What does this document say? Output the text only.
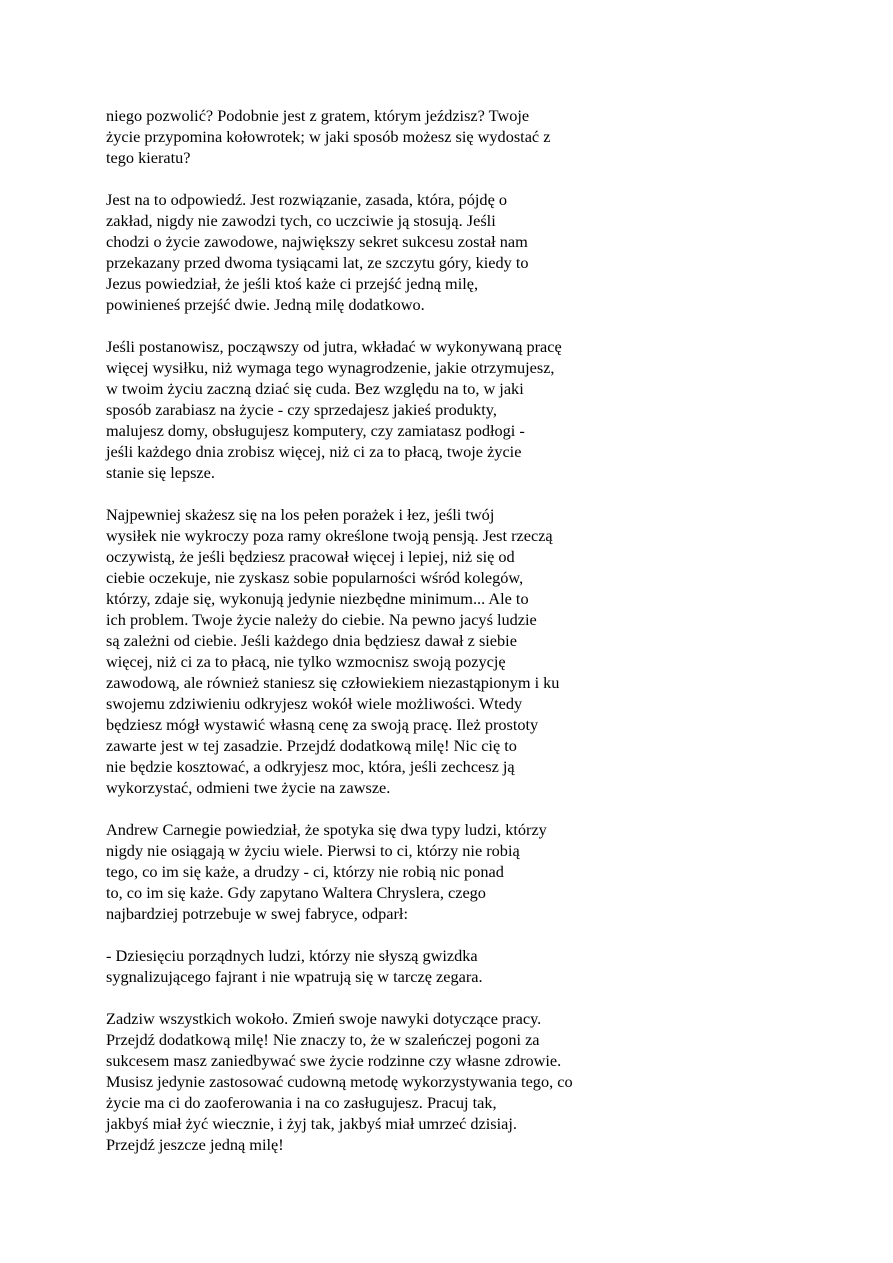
niego pozwolić? Podobnie jest z gratem, którym jeździsz? Twoje
życie przypomina kołowrotek; w jaki sposób możesz się wydostać z
tego kieratu?

Jest na to odpowiedź. Jest rozwiązanie, zasada, która, pójdę o
zakład, nigdy nie zawodzi tych, co uczciwie ją stosują. Jeśli
chodzi o życie zawodowe, największy sekret sukcesu został nam
przekazany przed dwoma tysiącami lat, ze szczytu góry, kiedy to
Jezus powiedział, że jeśli ktoś każe ci przejść jedną milę,
powinieneś przejść dwie. Jedną milę dodatkowo.

Jeśli postanowisz, począwszy od jutra, wkładać w wykonywaną pracę
więcej wysiłku, niż wymaga tego wynagrodzenie, jakie otrzymujesz,
w twoim życiu zaczną dziać się cuda. Bez względu na to, w jaki
sposób zarabiasz na życie - czy sprzedajesz jakieś produkty,
malujesz domy, obsługujesz komputery, czy zamiatasz podłogi -
jeśli każdego dnia zrobisz więcej, niż ci za to płacą, twoje życie
stanie się lepsze.

Najpewniej skażesz się na los pełen porażek i łez, jeśli twój
wysiłek nie wykroczy poza ramy określone twoją pensją. Jest rzeczą
oczywistą, że jeśli będziesz pracował więcej i lepiej, niż się od
ciebie oczekuje, nie zyskasz sobie popularności wśród kolegów,
którzy, zdaje się, wykonują jedynie niezbędne minimum... Ale to
ich problem. Twoje życie należy do ciebie. Na pewno jacyś ludzie
są zależni od ciebie. Jeśli każdego dnia będziesz dawał z siebie
więcej, niż ci za to płacą, nie tylko wzmocnisz swoją pozycję
zawodową, ale również staniesz się człowiekiem niezastąpionym i ku
swojemu zdziwieniu odkryjesz wokół wiele możliwości. Wtedy
będziesz mógł wystawić własną cenę za swoją pracę. Ileż prostoty
zawarte jest w tej zasadzie. Przejdź dodatkową milę! Nic cię to
nie będzie kosztować, a odkryjesz moc, która, jeśli zechcesz ją
wykorzystać, odmieni twe życie na zawsze.

Andrew Carnegie powiedział, że spotyka się dwa typy ludzi, którzy
nigdy nie osiągają w życiu wiele. Pierwsi to ci, którzy nie robią
tego, co im się każe, a drudzy - ci, którzy nie robią nic ponad
to, co im się każe. Gdy zapytano Waltera Chryslera, czego
najbardziej potrzebuje w swej fabryce, odparł:

- Dziesięciu porządnych ludzi, którzy nie słyszą gwizdka
sygnalizującego fajrant i nie wpatrują się w tarczę zegara.

Zadziw wszystkich wokoło. Zmień swoje nawyki dotyczące pracy.
Przejdź dodatkową milę! Nie znaczy to, że w szaleńczej pogoni za
sukcesem masz zaniedbywać swe życie rodzinne czy własne zdrowie.
Musisz jedynie zastosować cudowną metodę wykorzystywania tego, co
życie ma ci do zaoferowania i na co zasługujesz. Pracuj tak,
jakbyś miał żyć wiecznie, i żyj tak, jakbyś miał umrzeć dzisiaj.
Przejdź jeszcze jedną milę!
